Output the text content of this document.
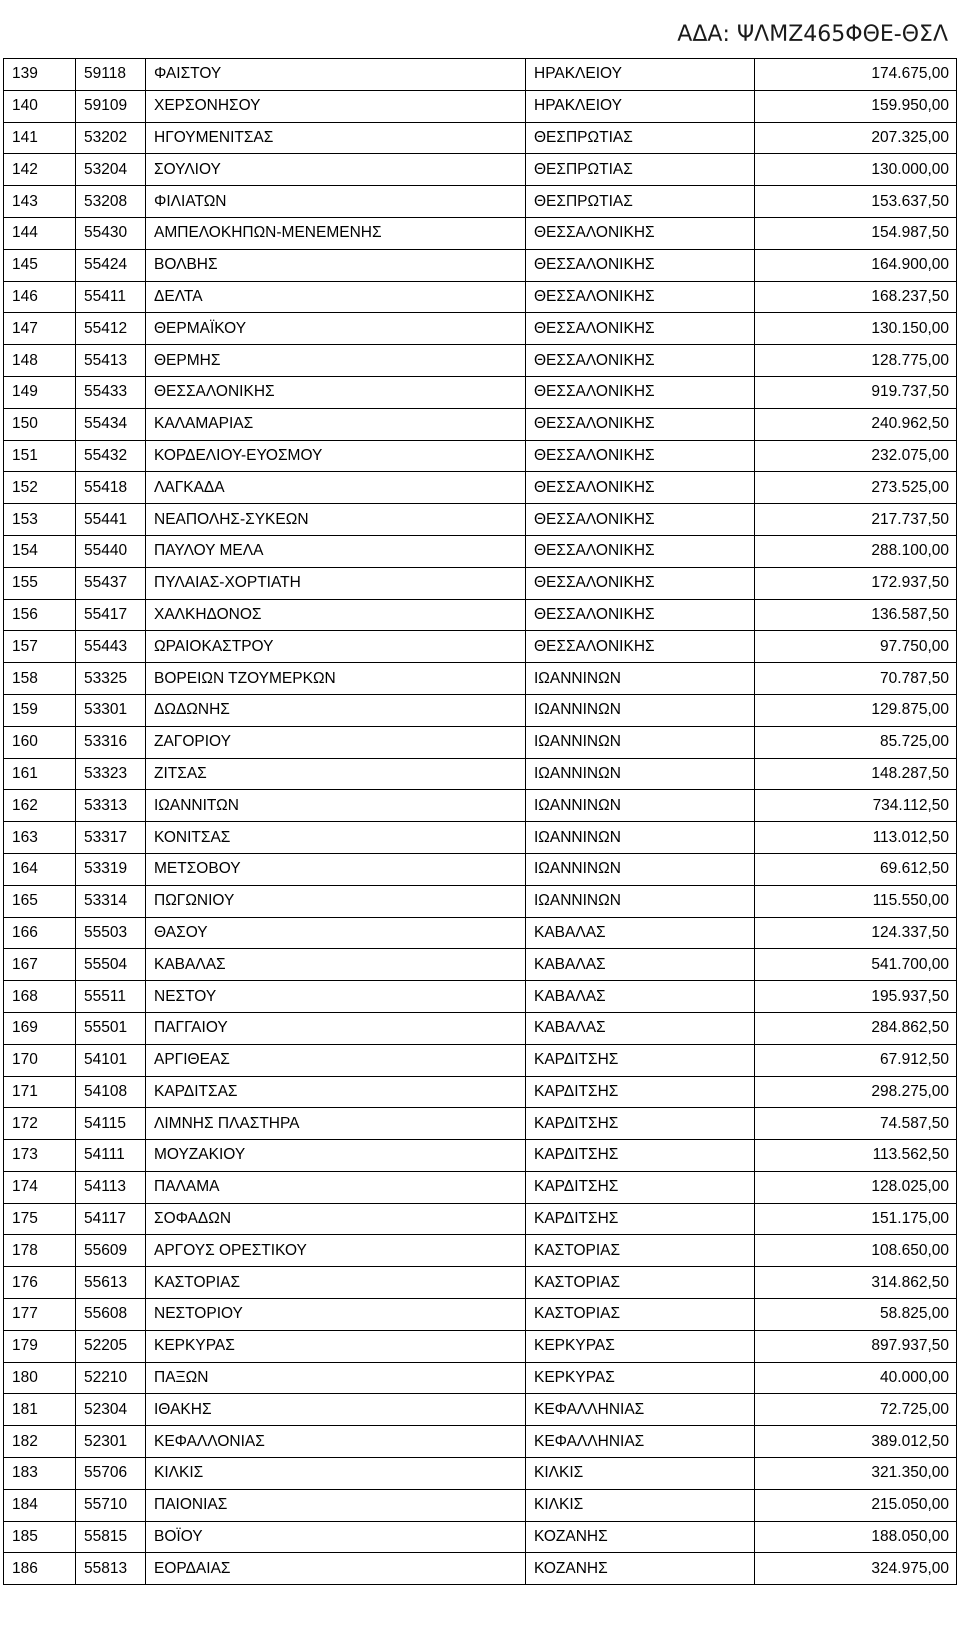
ΑΔΑ: ΨΛΜΖ465ΦΘΕ-ΘΣΛ
139	59118	ΦΑΙΣΤΟΥ	ΗΡΑΚΛΕΙΟΥ	174.675,00
140	59109	ΧΕΡΣΟΝΗΣΟΥ	ΗΡΑΚΛΕΙΟΥ	159.950,00
141	53202	ΗΓΟΥΜΕΝΙΤΣΑΣ	ΘΕΣΠΡΩΤΙΑΣ	207.325,00
142	53204	ΣΟΥΛΙΟΥ	ΘΕΣΠΡΩΤΙΑΣ	130.000,00
143	53208	ΦΙΛΙΑΤΩΝ	ΘΕΣΠΡΩΤΙΑΣ	153.637,50
144	55430	ΑΜΠΕΛΟΚΗΠΩΝ-ΜΕΝΕΜΕΝΗΣ	ΘΕΣΣΑΛΟΝΙΚΗΣ	154.987,50
145	55424	ΒΟΛΒΗΣ	ΘΕΣΣΑΛΟΝΙΚΗΣ	164.900,00
146	55411	ΔΕΛΤΑ	ΘΕΣΣΑΛΟΝΙΚΗΣ	168.237,50
147	55412	ΘΕΡΜΑΪΚΟΥ	ΘΕΣΣΑΛΟΝΙΚΗΣ	130.150,00
148	55413	ΘΕΡΜΗΣ	ΘΕΣΣΑΛΟΝΙΚΗΣ	128.775,00
149	55433	ΘΕΣΣΑΛΟΝΙΚΗΣ	ΘΕΣΣΑΛΟΝΙΚΗΣ	919.737,50
150	55434	ΚΑΛΑΜΑΡΙΑΣ	ΘΕΣΣΑΛΟΝΙΚΗΣ	240.962,50
151	55432	ΚΟΡΔΕΛΙΟΥ-ΕΥΟΣΜΟΥ	ΘΕΣΣΑΛΟΝΙΚΗΣ	232.075,00
152	55418	ΛΑΓΚΑΔΑ	ΘΕΣΣΑΛΟΝΙΚΗΣ	273.525,00
153	55441	ΝΕΑΠΟΛΗΣ-ΣΥΚΕΩΝ	ΘΕΣΣΑΛΟΝΙΚΗΣ	217.737,50
154	55440	ΠΑΥΛΟΥ ΜΕΛΑ	ΘΕΣΣΑΛΟΝΙΚΗΣ	288.100,00
155	55437	ΠΥΛΑΙΑΣ-ΧΟΡΤΙΑΤΗ	ΘΕΣΣΑΛΟΝΙΚΗΣ	172.937,50
156	55417	ΧΑΛΚΗΔΟΝΟΣ	ΘΕΣΣΑΛΟΝΙΚΗΣ	136.587,50
157	55443	ΩΡΑΙΟΚΑΣΤΡΟΥ	ΘΕΣΣΑΛΟΝΙΚΗΣ	97.750,00
158	53325	ΒΟΡΕΙΩΝ ΤΖΟΥΜΕΡΚΩΝ	ΙΩΑΝΝΙΝΩΝ	70.787,50
159	53301	ΔΩΔΩΝΗΣ	ΙΩΑΝΝΙΝΩΝ	129.875,00
160	53316	ΖΑΓΟΡΙΟΥ	ΙΩΑΝΝΙΝΩΝ	85.725,00
161	53323	ΖΙΤΣΑΣ	ΙΩΑΝΝΙΝΩΝ	148.287,50
162	53313	ΙΩΑΝΝΙΤΩΝ	ΙΩΑΝΝΙΝΩΝ	734.112,50
163	53317	ΚΟΝΙΤΣΑΣ	ΙΩΑΝΝΙΝΩΝ	113.012,50
164	53319	ΜΕΤΣΟΒΟΥ	ΙΩΑΝΝΙΝΩΝ	69.612,50
165	53314	ΠΩΓΩΝΙΟΥ	ΙΩΑΝΝΙΝΩΝ	115.550,00
166	55503	ΘΑΣΟΥ	ΚΑΒΑΛΑΣ	124.337,50
167	55504	ΚΑΒΑΛΑΣ	ΚΑΒΑΛΑΣ	541.700,00
168	55511	ΝΕΣΤΟΥ	ΚΑΒΑΛΑΣ	195.937,50
169	55501	ΠΑΓΓΑΙΟΥ	ΚΑΒΑΛΑΣ	284.862,50
170	54101	ΑΡΓΙΘΕΑΣ	ΚΑΡΔΙΤΣΗΣ	67.912,50
171	54108	ΚΑΡΔΙΤΣΑΣ	ΚΑΡΔΙΤΣΗΣ	298.275,00
172	54115	ΛΙΜΝΗΣ ΠΛΑΣΤΗΡΑ	ΚΑΡΔΙΤΣΗΣ	74.587,50
173	54111	ΜΟΥΖΑΚΙΟΥ	ΚΑΡΔΙΤΣΗΣ	113.562,50
174	54113	ΠΑΛΑΜΑ	ΚΑΡΔΙΤΣΗΣ	128.025,00
175	54117	ΣΟΦΑΔΩΝ	ΚΑΡΔΙΤΣΗΣ	151.175,00
178	55609	ΑΡΓΟΥΣ ΟΡΕΣΤΙΚΟΥ	ΚΑΣΤΟΡΙΑΣ	108.650,00
176	55613	ΚΑΣΤΟΡΙΑΣ	ΚΑΣΤΟΡΙΑΣ	314.862,50
177	55608	ΝΕΣΤΟΡΙΟΥ	ΚΑΣΤΟΡΙΑΣ	58.825,00
179	52205	ΚΕΡΚΥΡΑΣ	ΚΕΡΚΥΡΑΣ	897.937,50
180	52210	ΠΑΞΩΝ	ΚΕΡΚΥΡΑΣ	40.000,00
181	52304	ΙΘΑΚΗΣ	ΚΕΦΑΛΛΗΝΙΑΣ	72.725,00
182	52301	ΚΕΦΑΛΛΟΝΙΑΣ	ΚΕΦΑΛΛΗΝΙΑΣ	389.012,50
183	55706	ΚΙΛΚΙΣ	ΚΙΛΚΙΣ	321.350,00
184	55710	ΠΑΙΟΝΙΑΣ	ΚΙΛΚΙΣ	215.050,00
185	55815	ΒΟΪΟΥ	ΚΟΖΑΝΗΣ	188.050,00
186	55813	ΕΟΡΔΑΙΑΣ	ΚΟΖΑΝΗΣ	324.975,00
